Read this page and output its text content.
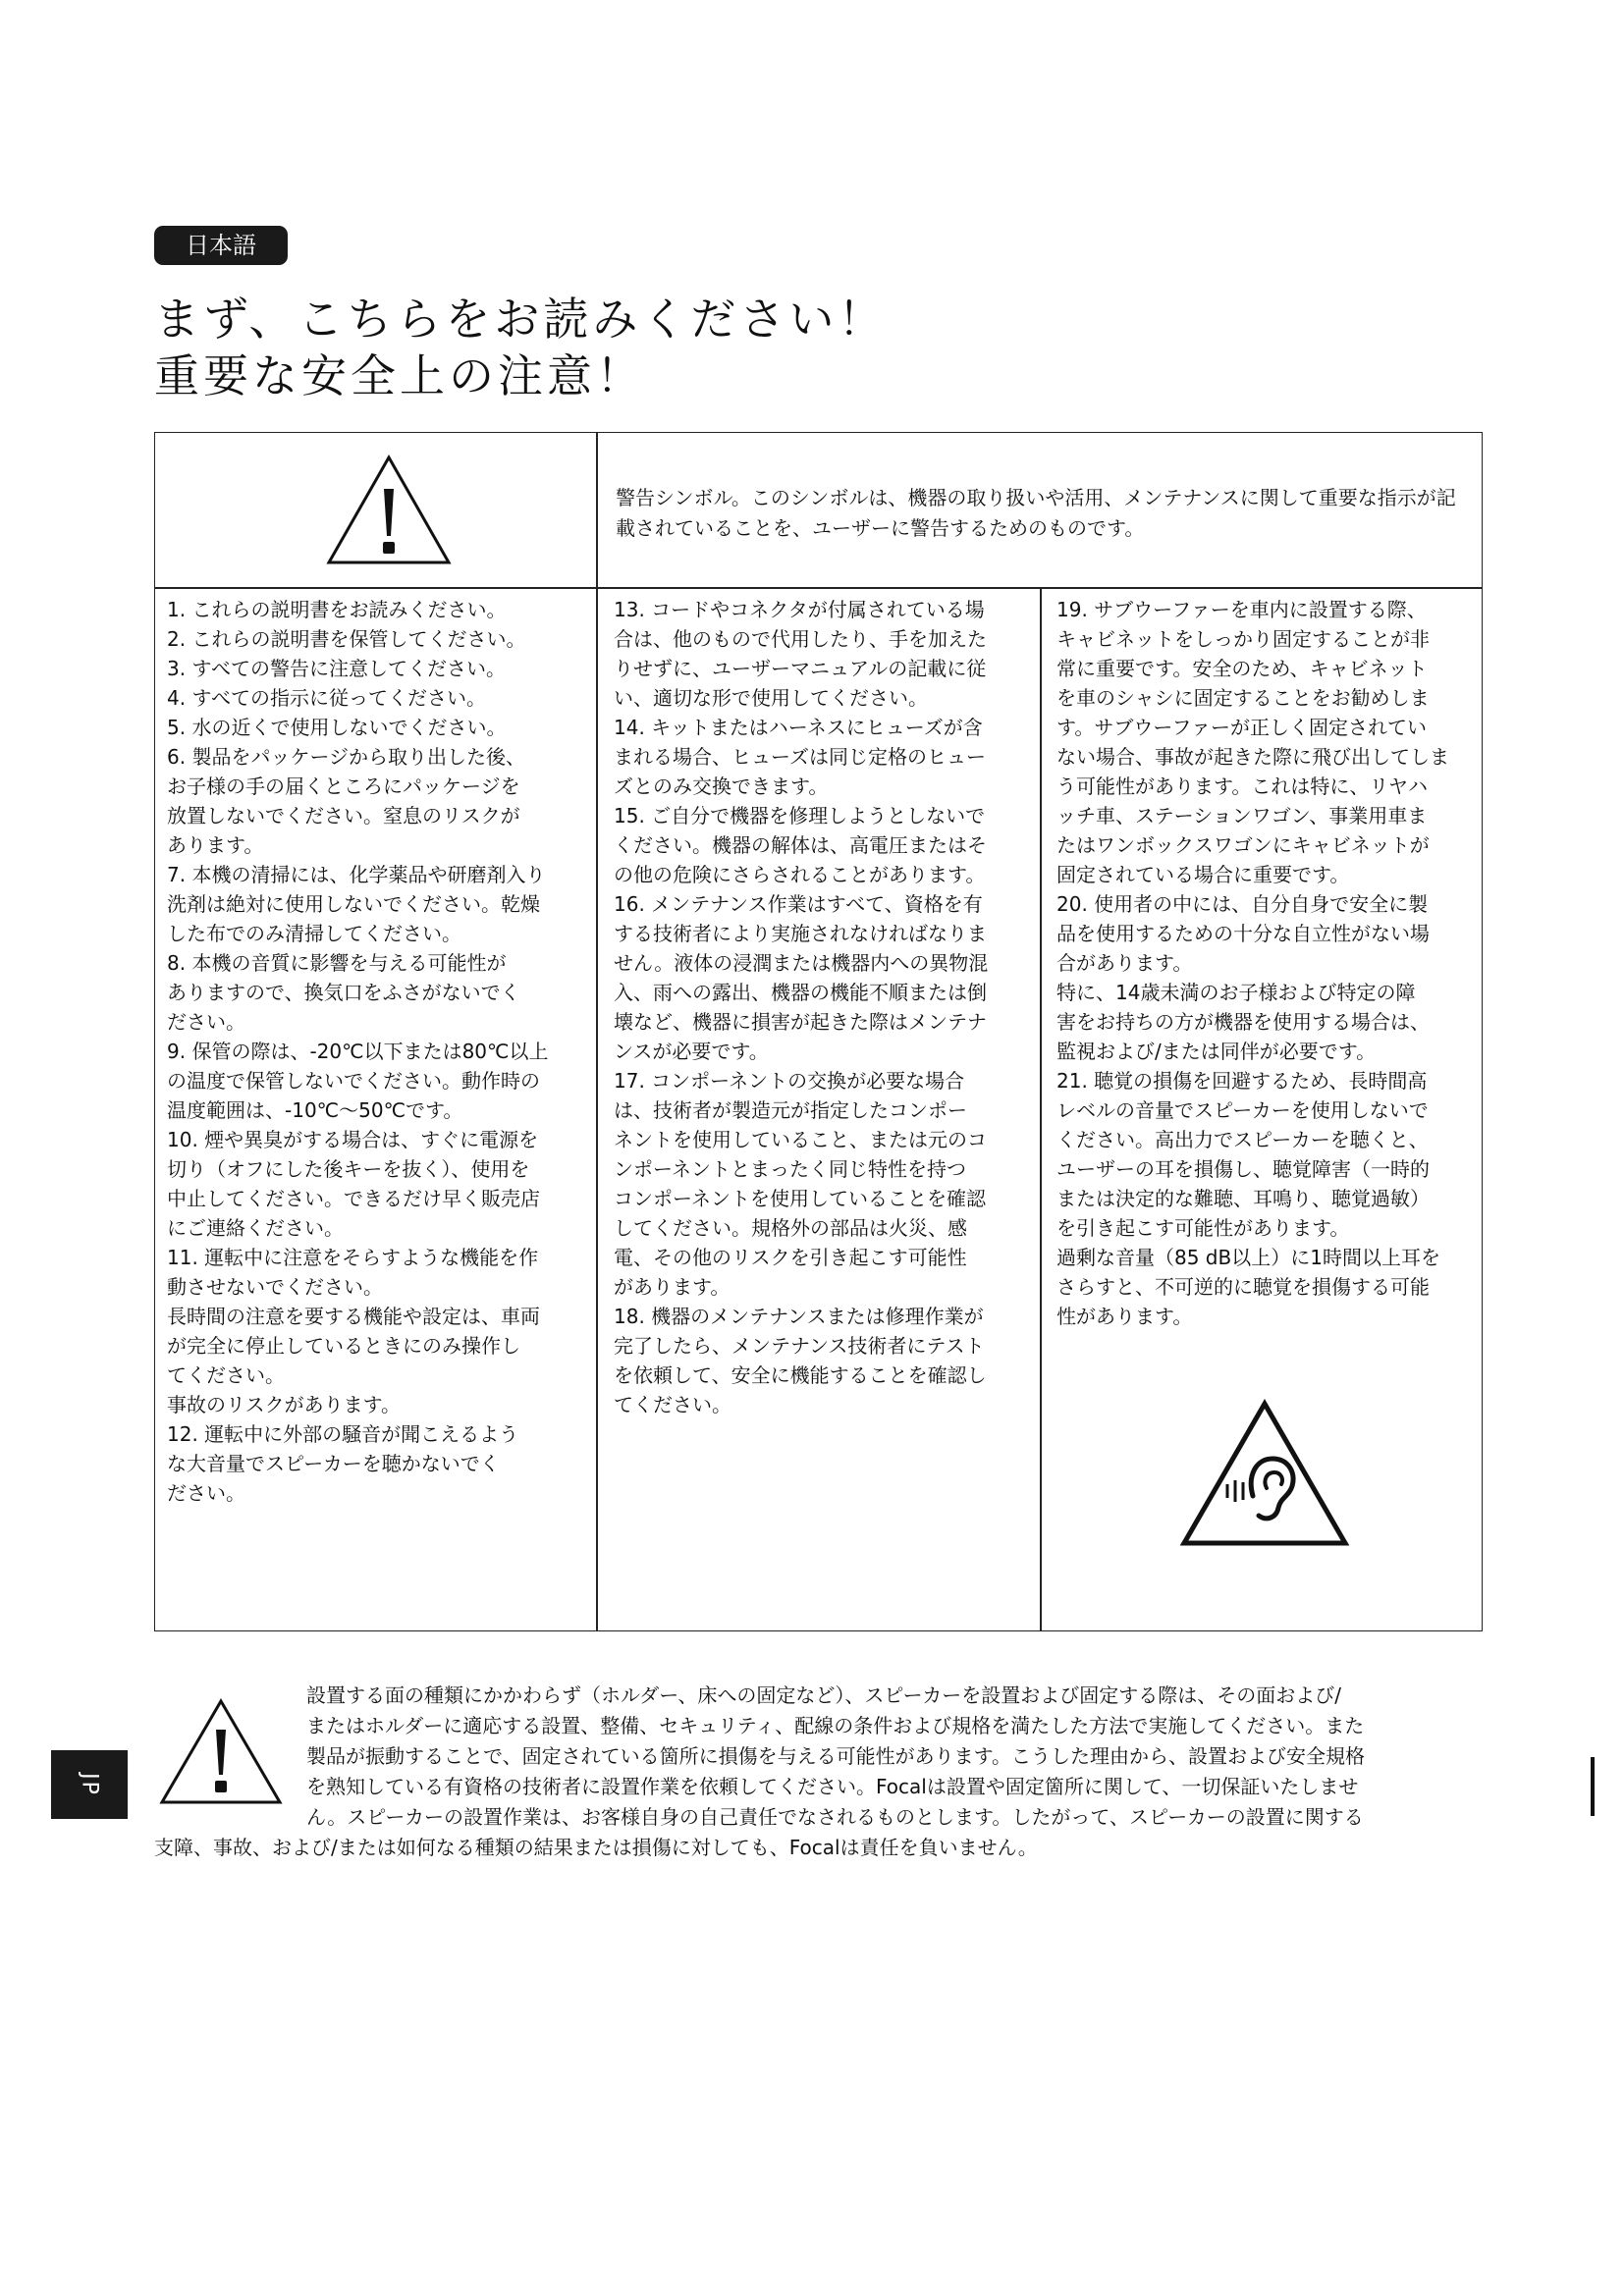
日本語
まず、こちらをお読みください！
重要な安全上の注意！

警告シンボル。このシンボルは、機器の取り扱いや活用、メンテナンスに関して重要な指示が記載されていることを、ユーザーに警告するためのものです。

1. これらの説明書をお読みください。
2. これらの説明書を保管してください。
3. すべての警告に注意してください。
4. すべての指示に従ってください。
5. 水の近くで使用しないでください。
6. 製品をパッケージから取り出した後、
お子様の手の届くところにパッケージを
放置しないでください。窒息のリスクが
あります。
7. 本機の清掃には、化学薬品や研磨剤入り
洗剤は絶対に使用しないでください。乾燥
した布でのみ清掃してください。
8. 本機の音質に影響を与える可能性が
ありますので、換気口をふさがないでく
ださい。
9. 保管の際は、-20℃以下または80℃以上
の温度で保管しないでください。動作時の
温度範囲は、-10℃～50℃です。
10. 煙や異臭がする場合は、すぐに電源を
切り（オフにした後キーを抜く）、使用を
中止してください。できるだけ早く販売店
にご連絡ください。
11. 運転中に注意をそらすような機能を作
動させないでください。
長時間の注意を要する機能や設定は、車両
が完全に停止しているときにのみ操作し
てください。
事故のリスクがあります。
12. 運転中に外部の騒音が聞こえるよう
な大音量でスピーカーを聴かないでく
ださい。
13. コードやコネクタが付属されている場
合は、他のもので代用したり、手を加えた
りせずに、ユーザーマニュアルの記載に従
い、適切な形で使用してください。
14. キットまたはハーネスにヒューズが含
まれる場合、ヒューズは同じ定格のヒュー
ズとのみ交換できます。
15. ご自分で機器を修理しようとしないで
ください。機器の解体は、高電圧またはそ
の他の危険にさらされることがあります。
16. メンテナンス作業はすべて、資格を有
する技術者により実施されなければなりま
せん。液体の浸潤または機器内への異物混
入、雨への露出、機器の機能不順または倒
壊など、機器に損害が起きた際はメンテナ
ンスが必要です。
17. コンポーネントの交換が必要な場合
は、技術者が製造元が指定したコンポー
ネントを使用していること、または元のコ
ンポーネントとまったく同じ特性を持つ
コンポーネントを使用していることを確認
してください。規格外の部品は火災、感
電、その他のリスクを引き起こす可能性
があります。
18. 機器のメンテナンスまたは修理作業が
完了したら、メンテナンス技術者にテスト
を依頼して、安全に機能することを確認し
てください。
19. サブウーファーを車内に設置する際、
キャビネットをしっかり固定することが非
常に重要です。安全のため、キャビネット
を車のシャシに固定することをお勧めしま
す。サブウーファーが正しく固定されてい
ない場合、事故が起きた際に飛び出してしま
う可能性があります。これは特に、リヤハ
ッチ車、ステーションワゴン、事業用車ま
たはワンボックスワゴンにキャビネットが
固定されている場合に重要です。
20. 使用者の中には、自分自身で安全に製
品を使用するための十分な自立性がない場
合があります。
特に、14歳未満のお子様および特定の障
害をお持ちの方が機器を使用する場合は、
監視および/または同伴が必要です。
21. 聴覚の損傷を回避するため、長時間高
レベルの音量でスピーカーを使用しないで
ください。高出力でスピーカーを聴くと、
ユーザーの耳を損傷し、聴覚障害（一時的
または決定的な難聴、耳鳴り、聴覚過敏）
を引き起こす可能性があります。
過剰な音量（85 dB以上）に1時間以上耳を
さらすと、不可逆的に聴覚を損傷する可能
性があります。
設置する面の種類にかかわらず（ホルダー、床への固定など）、スピーカーを設置および固定する際は、その面および/
またはホルダーに適応する設置、整備、セキュリティ、配線の条件および規格を満たした方法で実施してください。また
製品が振動することで、固定されている箇所に損傷を与える可能性があります。こうした理由から、設置および安全規格
を熟知している有資格の技術者に設置作業を依頼してください。Focalは設置や固定箇所に関して、一切保証いたしませ
ん。スピーカーの設置作業は、お客様自身の自己責任でなされるものとします。したがって、スピーカーの設置に関する
支障、事故、および/または如何なる種類の結果または損傷に対しても、Focalは責任を負いません。
JP
